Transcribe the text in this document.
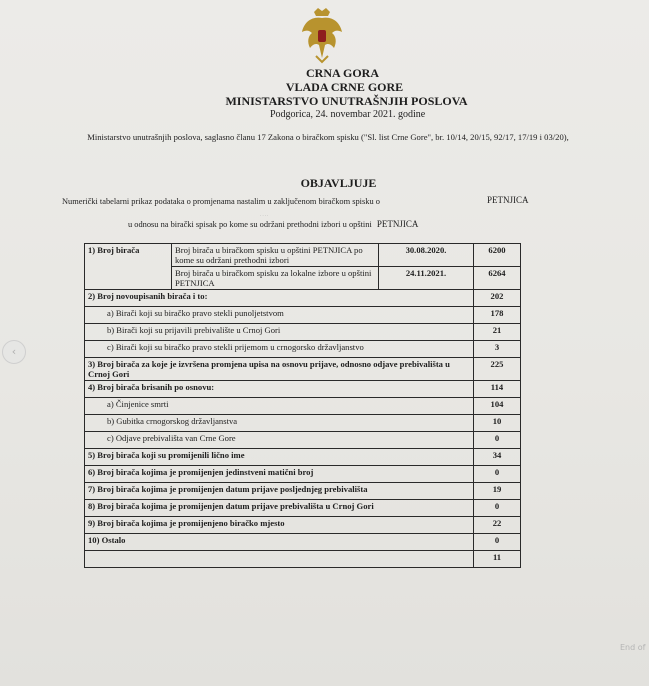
CRNA GORA
VLADA CRNE GORE
MINISTARSTVO UNUTRAŠNJIH POSLOVA
Podgorica, 24. novembar 2021. godine
Ministarstvo unutrašnjih poslova, saglasno članu 17 Zakona o biračkom spisku ("Sl. list Crne Gore", br. 10/14, 20/15, 92/17, 17/19 i 03/20),
OBJAVLJUJE
Numerički tabelarni prikaz podataka o promjenama nastalim u zaključenom biračkom spisku o	PETNJICA
· · · ·
u odnosu na birački spisak po kome su održani prethodni izbori u opštini PETNJICA
1) Broj birača	Broj birača u biračkom spisku u opštini PETNJICA po kome su održani prethodni izbori	30.08.2020.	6200
	Broj birača u biračkom spisku za lokalne izbore u opštini PETNJICA	24.11.2021.	6264
2) Broj novoupisanih birača i to:			202
a) Birači koji su biračko pravo stekli punoljetstvom			178
b) Birači koji su prijavili prebivalište u Crnoj Gori			21
c) Birači koji su biračko pravo stekli prijemom u crnogorsko državljanstvo			3
3) Broj birača za koje je izvršena promjena upisa na osnovu prijave, odnosno odjave prebivališta u Crnoj Gori			225
4) Broj birača brisanih po osnovu:			114
a) Činjenice smrti			104
b) Gubitka crnogorskog državljanstva			10
c) Odjave prebivališta van Crne Gore			0
5) Broj birača koji su promijenili lično ime			34
6) Broj birača kojima je promijenjen jedinstveni matični broj			0
7) Broj birača kojima je promijenjen datum prijave posljednjeg prebivališta			19
8) Broj birača kojima je promijenjen datum prijave prebivališta u Crnoj Gori			0
9) Broj birača kojima je promijenjeno biračko mjesto			22
10) Ostalo			0
			11
‹
End of
